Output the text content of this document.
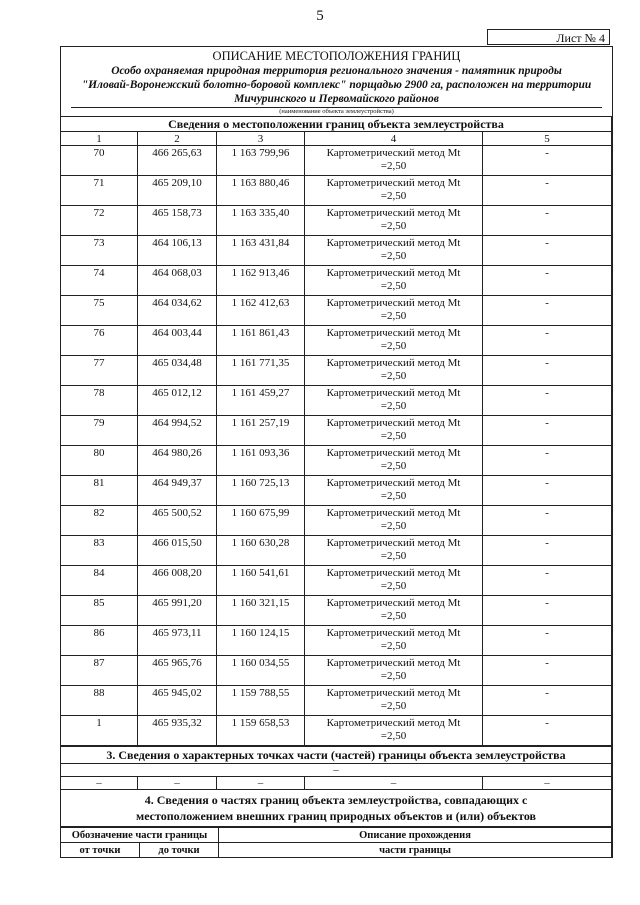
5
Лист № 4
ОПИСАНИЕ МЕСТОПОЛОЖЕНИЯ ГРАНИЦ
Особо охраняемая природная территория регионального значения - памятник природы
"Иловай-Воронежский болотно-боровой комплекс" порщадью 2900 га, расположен на территории
Мичуринского и Первомайского районов
(наименование объекта землеустройства)
Сведения о местоположении границ объекта землеустройства				
1	2	3	4	5
70	466 265,63	1 163 799,96	Картометрический метод Mt
=2,50	-
71	465 209,10	1 163 880,46	Картометрический метод Mt
=2,50	-
72	465 158,73	1 163 335,40	Картометрический метод Mt
=2,50	-
73	464 106,13	1 163 431,84	Картометрический метод Mt
=2,50	-
74	464 068,03	1 162 913,46	Картометрический метод Mt
=2,50	-
75	464 034,62	1 162 412,63	Картометрический метод Mt
=2,50	-
76	464 003,44	1 161 861,43	Картометрический метод Mt
=2,50	-
77	465 034,48	1 161 771,35	Картометрический метод Mt
=2,50	-
78	465 012,12	1 161 459,27	Картометрический метод Mt
=2,50	-
79	464 994,52	1 161 257,19	Картометрический метод Mt
=2,50	-
80	464 980,26	1 161 093,36	Картометрический метод Mt
=2,50	-
81	464 949,37	1 160 725,13	Картометрический метод Mt
=2,50	-
82	465 500,52	1 160 675,99	Картометрический метод Mt
=2,50	-
83	466 015,50	1 160 630,28	Картометрический метод Mt
=2,50	-
84	466 008,20	1 160 541,61	Картометрический метод Mt
=2,50	-
85	465 991,20	1 160 321,15	Картометрический метод Mt
=2,50	-
86	465 973,11	1 160 124,15	Картометрический метод Mt
=2,50	-
87	465 965,76	1 160 034,55	Картометрический метод Mt
=2,50	-
88	465 945,02	1 159 788,55	Картометрический метод Mt
=2,50	-
1	465 935,32	1 159 658,53	Картометрический метод Mt
=2,50	-
3. Сведения о характерных точках части (частей) границы объекта землеустройства
–
–	–	–	–	–

4. Сведения о частях границ объекта землеустройства, совпадающих с
местоположением внешних границ природных объектов и (или) объектов
Обозначение части границы		Описание прохождения
от точки	до точки	части границы
